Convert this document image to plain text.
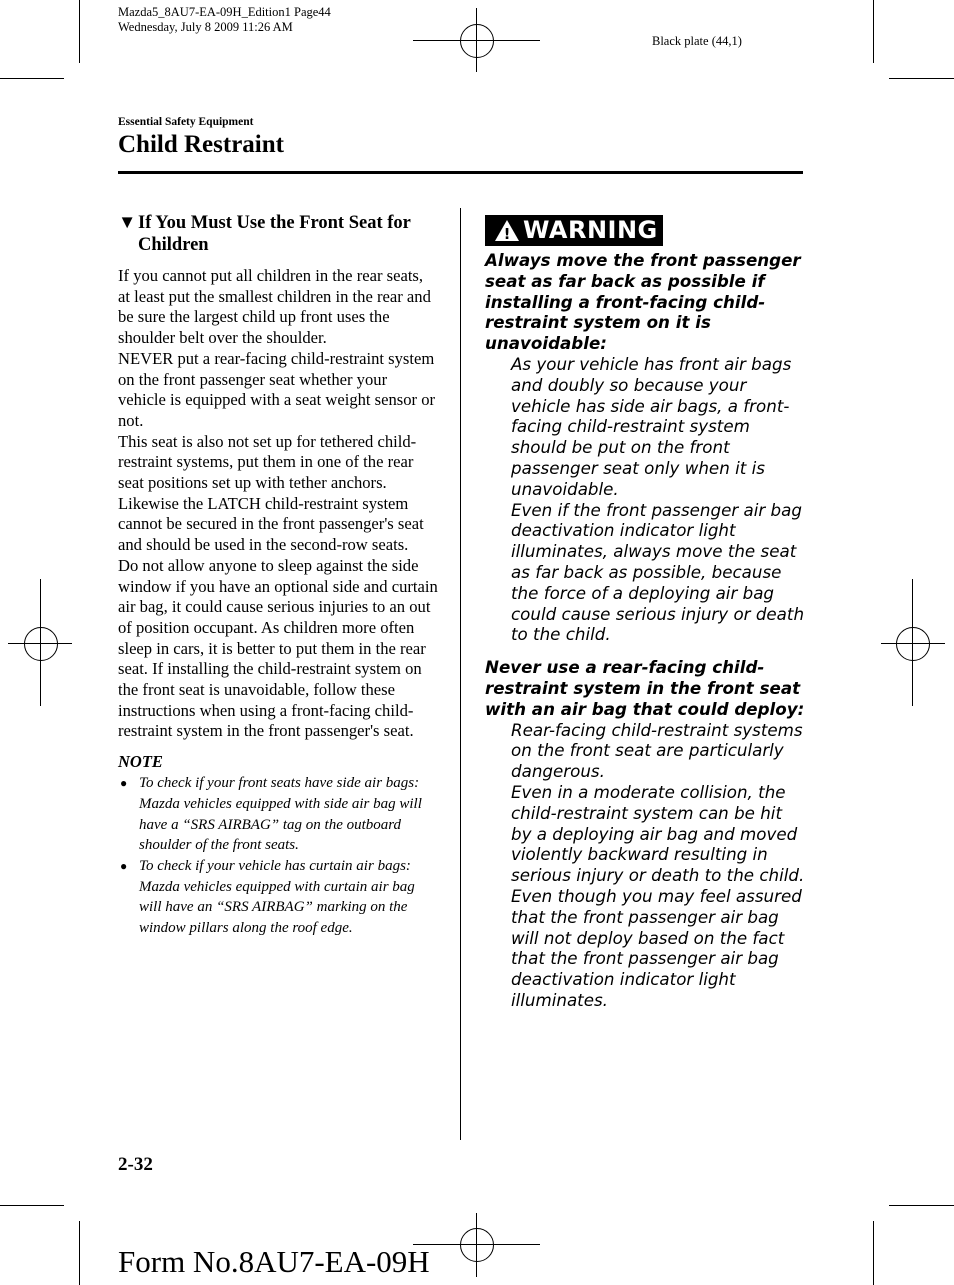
Mazda5_8AU7-EA-09H_Edition1 Page44
Wednesday, July 8 2009 11:26 AM
Black plate (44,1)
Essential Safety Equipment
Child Restraint
▼If You Must Use the Front Seat for Children

If you cannot put all children in the rear seats, at least put the smallest children in the rear and be sure the largest child up front uses the shoulder belt over the shoulder.

NEVER put a rear-facing child-restraint system on the front passenger seat whether your vehicle is equipped with a seat weight sensor or not.

This seat is also not set up for tethered child-restraint systems, put them in one of the rear seat positions set up with tether anchors.

Likewise the LATCH child-restraint system cannot be secured in the front passenger's seat and should be used in the second-row seats.

Do not allow anyone to sleep against the side window if you have an optional side and curtain air bag, it could cause serious injuries to an out of position occupant. As children more often sleep in cars, it is better to put them in the rear seat. If installing the child-restraint system on the front seat is unavoidable, follow these instructions when using a front-facing child-restraint system in the front passenger's seat.

NOTE
● To check if your front seats have side air bags:

Mazda vehicles equipped with side air bag will have a “SRS AIRBAG” tag on the outboard shoulder of the front seats.

● To check if your vehicle has curtain air bags:

Mazda vehicles equipped with curtain air bag will have an “SRS AIRBAG” marking on the window pillars along the roof edge.

! WARNING

Always move the front passenger seat as far back as possible if installing a front-facing child-restraint system on it is unavoidable:

As your vehicle has front air bags and doubly so because your vehicle has side air bags, a front-facing child-restraint system should be put on the front passenger seat only when it is unavoidable.

Even if the front passenger air bag deactivation indicator light illuminates, always move the seat as far back as possible, because the force of a deploying air bag could cause serious injury or death to the child.

Never use a rear-facing child-restraint system in the front seat with an air bag that could deploy:

Rear-facing child-restraint systems on the front seat are particularly dangerous.

Even in a moderate collision, the child-restraint system can be hit by a deploying air bag and moved violently backward resulting in serious injury or death to the child. Even though you may feel assured that the front passenger air bag will not deploy based on the fact that the front passenger air bag deactivation indicator light illuminates.

2-32
Form No.8AU7-EA-09H
